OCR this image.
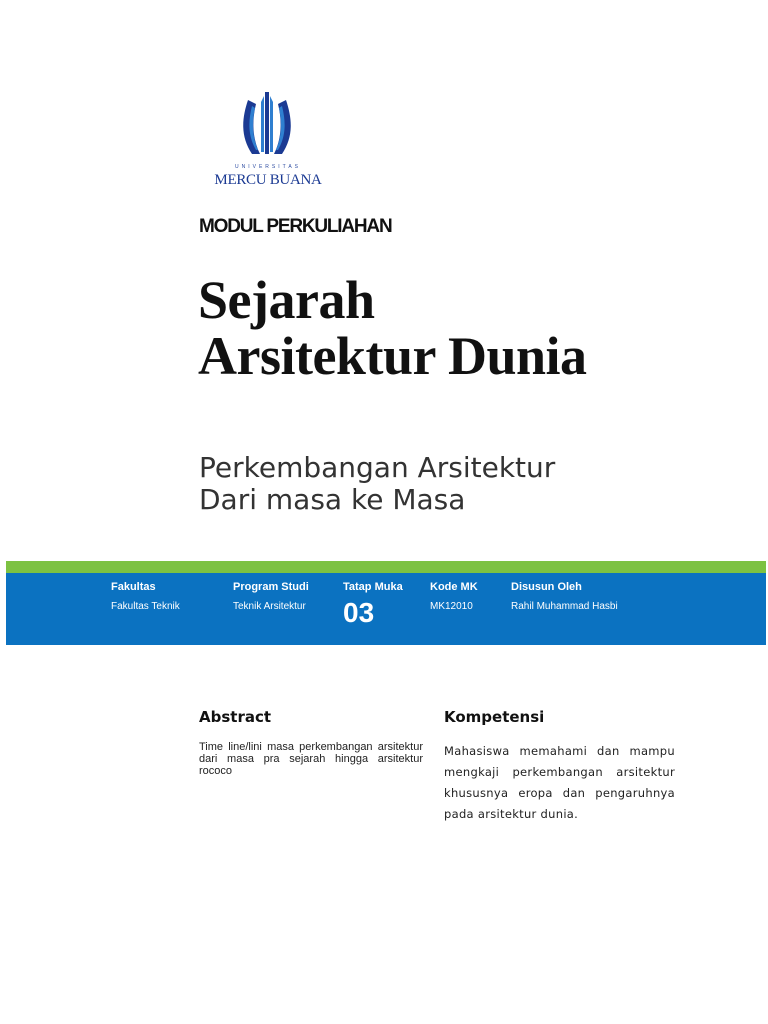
UNIVERSITAS
MERCU BUANA
MODUL PERKULIAHAN
Sejarah
Arsitektur Dunia
Perkembangan Arsitektur
Dari masa ke Masa
Fakultas
Fakultas Teknik
Program Studi
Teknik Arsitektur
Tatap Muka
03
Kode MK
MK12010
Disusun Oleh
Rahil Muhammad Hasbi
Abstract
Time line/lini masa perkembangan arsitektur dari masa pra sejarah hingga arsitektur rococo
Kompetensi
Mahasiswa memahami dan mampu mengkaji perkembangan arsitektur khususnya eropa dan pengaruhnya pada arsitektur dunia.
